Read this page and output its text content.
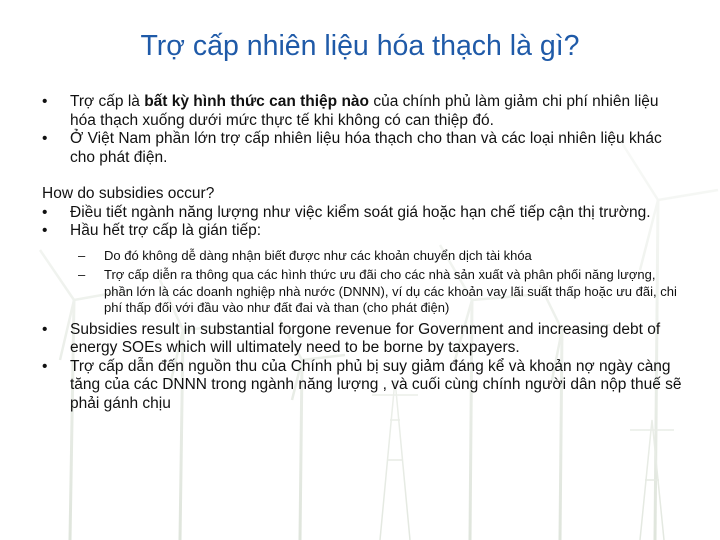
Trợ cấp nhiên liệu hóa thạch là gì?
• Trợ cấp là bất kỳ hình thức can thiệp nào của chính phủ làm giảm chi phí nhiên liệu hóa thạch xuống dưới mức thực tế khi không có can thiệp đó.
• Ở Việt Nam phần lớn trợ cấp nhiên liệu hóa thạch cho than và các loại nhiên liệu khác cho phát điện.
How do subsidies occur?
• Điều tiết ngành năng lượng như việc kiểm soát giá hoặc hạn chế tiếp cận thị trường.
• Hầu hết trợ cấp là gián tiếp:
– Do đó không dễ dàng nhận biết được như các khoản chuyển dịch tài khóa
– Trợ cấp diễn ra thông qua các hình thức ưu đãi cho các nhà sản xuất và phân phối năng lượng, phần lớn là các doanh nghiệp nhà nước (DNNN), ví dụ các khoản vay lãi suất thấp hoặc ưu đãi, chi phí thấp đối với đầu vào như đất đai và than (cho phát điện)
• Subsidies result in substantial forgone revenue for Government and increasing debt of energy SOEs which will ultimately need to be borne by taxpayers.
• Trợ cấp dẫn đến nguồn thu của Chính phủ bị suy giảm đáng kể và khoản nợ ngày càng tăng của các DNNN trong ngành năng lượng , và cuối cùng chính người dân nộp thuế sẽ phải gánh chịu
